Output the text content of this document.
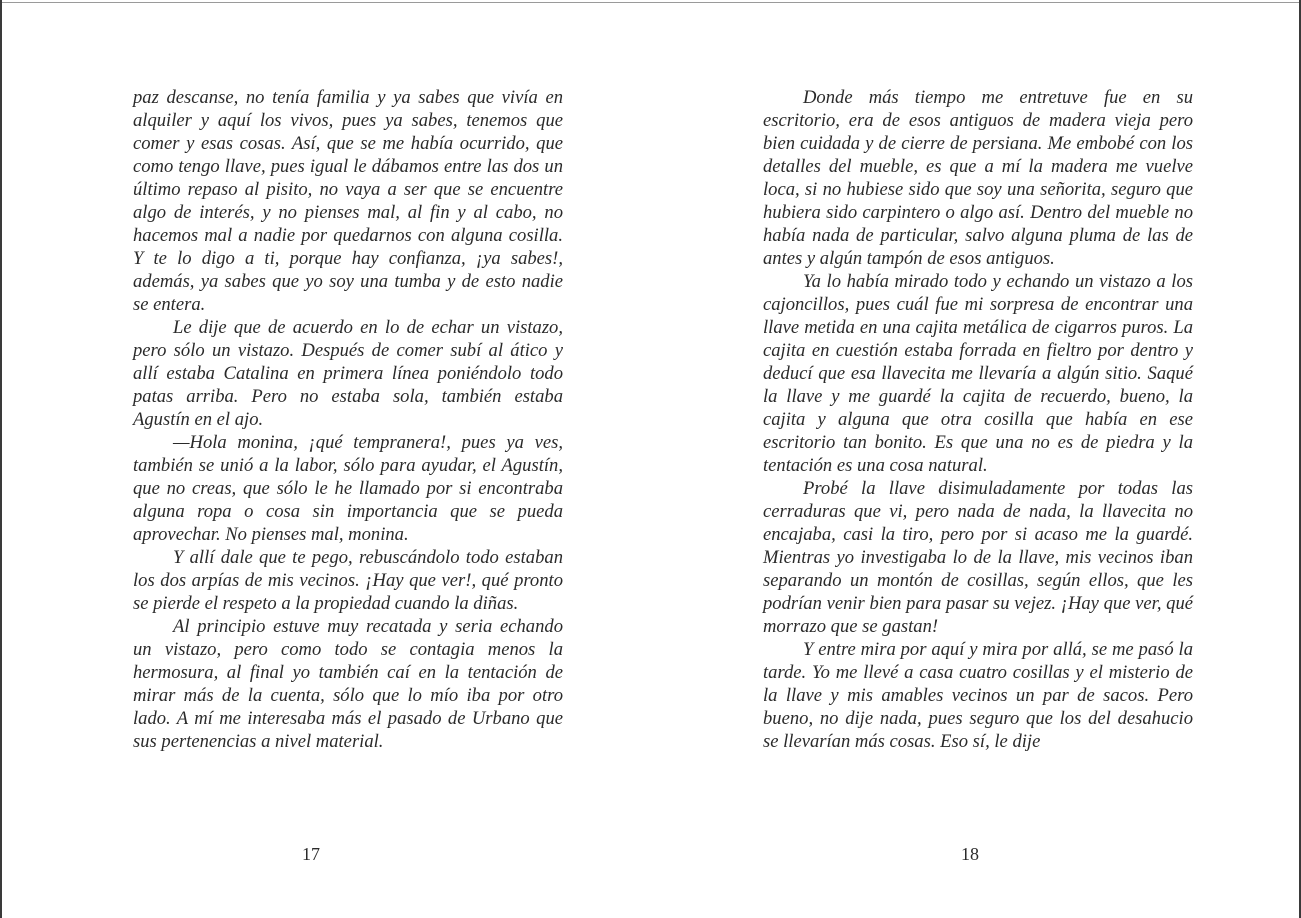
paz descanse, no tenía familia y ya sabes que vivía en alquiler y aquí los vivos, pues ya sabes, tenemos que comer y esas cosas. Así, que se me había ocurrido, que como tengo llave, pues igual le dábamos entre las dos un último repaso al pisito, no vaya a ser que se encuentre algo de interés, y no pienses mal, al fin y al cabo, no hacemos mal a nadie por quedarnos con alguna cosilla. Y te lo digo a ti, porque hay confianza, ¡ya sabes!, además, ya sabes que yo soy una tumba y de esto nadie se entera.

Le dije que de acuerdo en lo de echar un vistazo, pero sólo un vistazo. Después de comer subí al ático y allí estaba Catalina en primera línea poniéndolo todo patas arriba. Pero no estaba sola, también estaba Agustín en el ajo.

—Hola monina, ¡qué tempranera!, pues ya ves, también se unió a la labor, sólo para ayudar, el Agustín, que no creas, que sólo le he llamado por si encontraba alguna ropa o cosa sin importancia que se pueda aprovechar. No pienses mal, monina.

Y allí dale que te pego, rebuscándolo todo estaban los dos arpías de mis vecinos. ¡Hay que ver!, qué pronto se pierde el respeto a la propiedad cuando la diñas.

Al principio estuve muy recatada y seria echando un vistazo, pero como todo se contagia menos la hermosura, al final yo también caí en la tentación de mirar más de la cuenta, sólo que lo mío iba por otro lado. A mí me interesaba más el pasado de Urbano que sus pertenencias a nivel material.

17

Donde más tiempo me entretuve fue en su escritorio, era de esos antiguos de madera vieja pero bien cuidada y de cierre de persiana. Me embobé con los detalles del mueble, es que a mí la madera me vuelve loca, si no hubiese sido que soy una señorita, seguro que hubiera sido carpintero o algo así. Dentro del mueble no había nada de particular, salvo alguna pluma de las de antes y algún tampón de esos antiguos.

Ya lo había mirado todo y echando un vistazo a los cajoncillos, pues cuál fue mi sorpresa de encontrar una llave metida en una cajita metálica de cigarros puros. La cajita en cuestión estaba forrada en fieltro por dentro y deducí que esa llavecita me llevaría a algún sitio. Saqué la llave y me guardé la cajita de recuerdo, bueno, la cajita y alguna que otra cosilla que había en ese escritorio tan bonito. Es que una no es de piedra y la tentación es una cosa natural.

Probé la llave disimuladamente por todas las cerraduras que vi, pero nada de nada, la llavecita no encajaba, casi la tiro, pero por si acaso me la guardé. Mientras yo investigaba lo de la llave, mis vecinos iban separando un montón de cosillas, según ellos, que les podrían venir bien para pasar su vejez. ¡Hay que ver, qué morrazo que se gastan!

Y entre mira por aquí y mira por allá, se me pasó la tarde. Yo me llevé a casa cuatro cosillas y el misterio de la llave y mis amables vecinos un par de sacos. Pero bueno, no dije nada, pues seguro que los del desahucio se llevarían más cosas. Eso sí, le dije

18
